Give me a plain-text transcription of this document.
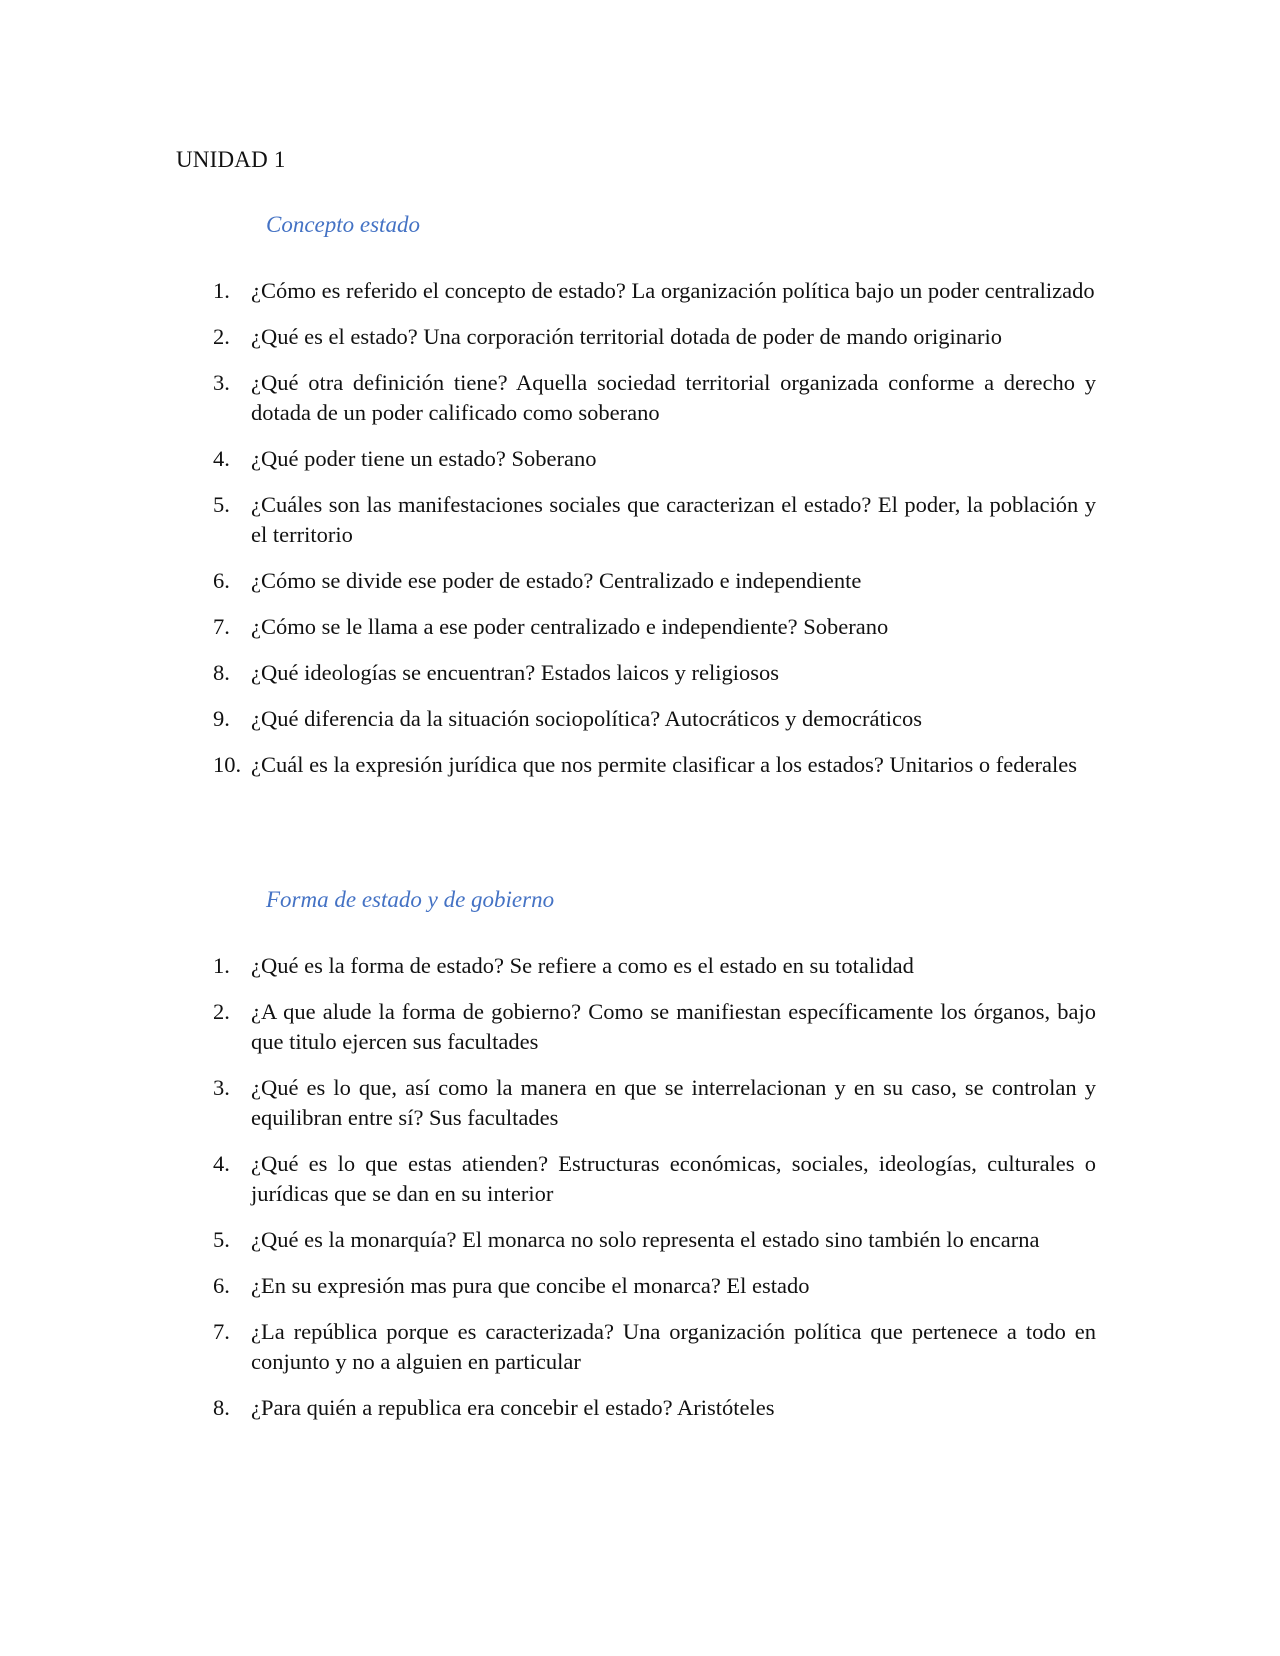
UNIDAD 1
Concepto estado
1. ¿Cómo es referido el concepto de estado? La organización política bajo un poder centralizado
2. ¿Qué es el estado? Una corporación territorial dotada de poder de mando originario
3. ¿Qué otra definición tiene? Aquella sociedad territorial organizada conforme a derecho y dotada de un poder calificado como soberano
4. ¿Qué poder tiene un estado? Soberano
5. ¿Cuáles son las manifestaciones sociales que caracterizan el estado? El poder, la población y el territorio
6. ¿Cómo se divide ese poder de estado? Centralizado e independiente
7. ¿Cómo se le llama a ese poder centralizado e independiente? Soberano
8. ¿Qué ideologías se encuentran? Estados laicos y religiosos
9. ¿Qué diferencia da la situación sociopolítica? Autocráticos y democráticos
10. ¿Cuál es la expresión jurídica que nos permite clasificar a los estados? Unitarios o federales
Forma de estado y de gobierno
1. ¿Qué es la forma de estado? Se refiere a como es el estado en su totalidad
2. ¿A que alude la forma de gobierno? Como se manifiestan específicamente los órganos, bajo que titulo ejercen sus facultades
3. ¿Qué es lo que, así como la manera en que se interrelacionan y en su caso, se controlan y equilibran entre sí? Sus facultades
4. ¿Qué es lo que estas atienden? Estructuras económicas, sociales, ideologías, culturales o jurídicas que se dan en su interior
5. ¿Qué es la monarquía? El monarca no solo representa el estado sino también lo encarna
6. ¿En su expresión mas pura que concibe el monarca? El estado
7. ¿La república porque es caracterizada? Una organización política que pertenece a todo en conjunto y no a alguien en particular
8. ¿Para quién a republica era concebir el estado? Aristóteles
